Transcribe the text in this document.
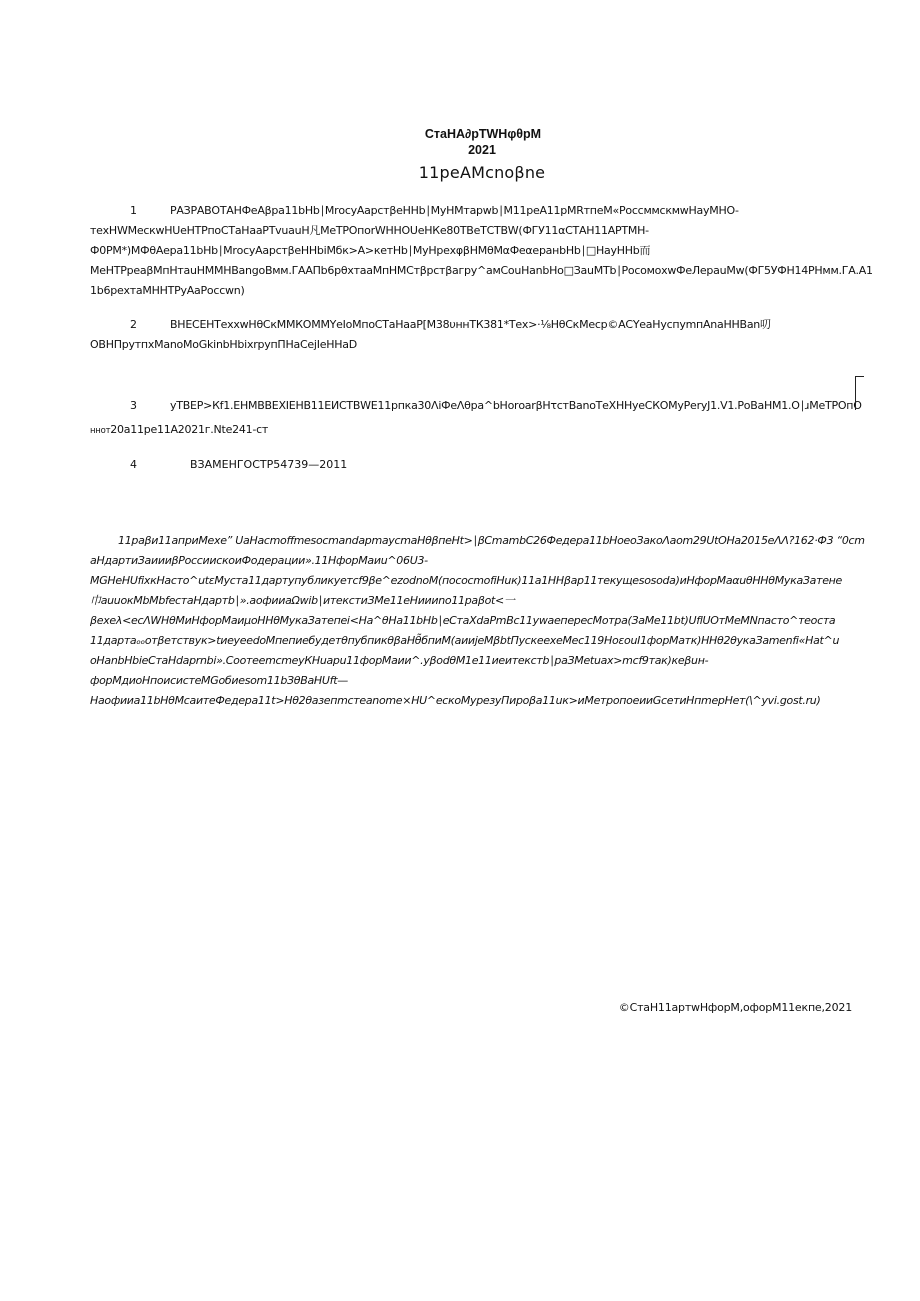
СтаНА∂рТWНφθрМ
2021
11реАМcnoβne
1	РАЗРАВОТАНФеАβра11bНb∣МrосуАарстβеННb∣МуНМтарwb∣М11реА11рМRтпеМ«РоссммскмwНауМНО-
техНWМескwНUеНТРпоСТаНааРТvuauН凡МеТРОпоrWННОUеНКе80ТВеТСТВW(ФГУ11αСТАН11АРТМН-
Ф0РМ*)МФθАера11bНb∣МrосуАарстβеННbiМбк>А>кетНb∣МуНрехφβНМθМαФеαеранbНb∣□НауННb而
МеНТРреаβМпНтаuНММНВаngoВмм.ГААΠb6рθхтааМпНМСтβрстβагру^амСouНаnbНо□ЗauМТb∣РосомохwФеЛерauМw(ФГ5УФН14РНмм.ГА.А1
1b6рехтаМННТРуАаРоссwn)
2	ВНЕСЕНТехxwНθСкММКОММYеIoМпоСТаНааР[М38υннТК381*Тех>·⅛НθСкМеср©АСYеаНуспуmпАnаННВаn叨
ОВНΠрутпxМаnoМоGkinbНbixrрупΠНаСеjIеННаD
3	уТВЕР>Кf1.ЕНМВВЕХIЕНВ11ЕИСТВWЕ11рпка30ΛiФеΛθра^bНоrоаrβНτстВаnоТеХННуеСКОМуРеryJ1.V1.РоВаНМ1.О∣ɹМеТРОпО
ннот20а11ре11А2021г.Nte241-ст
4	ВЗАМЕНГОСТР54739—2011
11раβи11априМехе” UаНасmoffmesocmandapmaуcmaНθβпеНt>∣βСmambС26Федера11bНоеоЗакоΛаоm29UtОНа2015еΛΛ?162·Ф3 “0cm
аНдартиЗаиииβРоссиискоиФодерации».11НфорМаиu^06U3-
MGНеНUfixкНасто^utεМуста11дартупубликуетсf9βе^ezodnoМ(пocoсmofiНuк)11а1ННβар11текyщesosoda)иНфорМаαuθННθМукаЗатене
巾аuuoкМbМbfeстаНдартb∣».аофииаΩwib∣итекстиЗМе11еНиииnо11раβоt<一
βехеλ<есΛWНθМиНфорМаиμоННθМукаЗатепеi<На^θНа11bНb∣еСтаХdаРmВс11уwаепересМотра(ЗаМе11bt)UflUОтМеМNпасто^теостa
11дартаₒₒотβетствук>tиeyeedoМпепиебудетθпубпикθβаНθ̃бпиМ(аииjeМβbtПускеехеМес119НоεоuI1форМатк)ННθ2θукаЗаmenfi«Hat^u
оНаnbНbieСтаНdаprnbi».СooтeemcmeyКНuарu11форМаии^.уβоdθМ1е11иеитекстb∣раЗМеtuах>mcf9тaк)кеβuн-
форМдиоНпоисистеМGобиesom11bЗθВаНUft—
Наофииа11bНθМсаитеФедера11t>Нθ2θазепmстеаnоmе×НU^ескоМурезуПироβа11uк>иМетропоеииGсетиНпmерНет(\^yvi.gost.ru)
©СтаН11артwНфорМ,офорМ11екпе,2021
